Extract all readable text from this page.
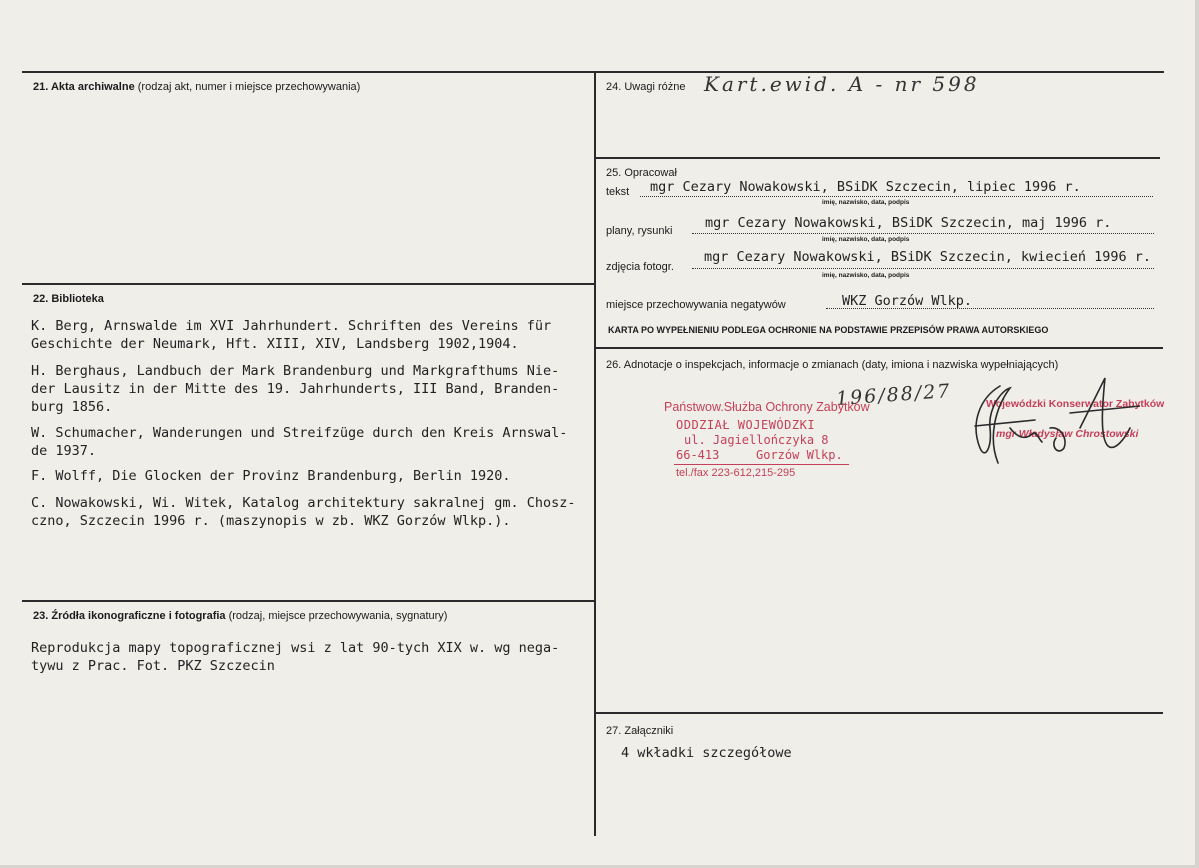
21. Akta archiwalne (rodzaj akt, numer i miejsce przechowywania)
22. Biblioteka
K. Berg, Arnswalde im XVI Jahrhundert. Schriften des Vereins für
Geschichte der Neumark, Hft. XIII, XIV, Landsberg 1902,1904.
H. Berghaus, Landbuch der Mark Brandenburg und Markgrafthums Nie-
der Lausitz in der Mitte des 19. Jahrhunderts, III Band, Branden-
burg 1856.
W. Schumacher, Wanderungen und Streifzüge durch den Kreis Arnswal-
de 1937.
F. Wolff, Die Glocken der Provinz Brandenburg, Berlin 1920.
C. Nowakowski, Wi. Witek, Katalog architektury sakralnej gm. Chosz-
czno, Szczecin 1996 r. (maszynopis w zb. WKZ Gorzów Wlkp.).
23. Źródła ikonograficzne i fotografia (rodzaj, miejsce przechowywania, sygnatury)
Reprodukcja mapy topograficznej wsi z lat 90-tych XIX w. wg nega-
tywu z Prac. Fot. PKZ Szczecin
24. Uwagi różne Kart.ewid. A - nr 598
25. Opracował
tekst mgr Cezary Nowakowski, BSiDK Szczecin, lipiec 1996 r.
imię, nazwisko, data, podpis
plany, rysunki mgr Cezary Nowakowski, BSiDK Szczecin, maj 1996 r.
imię, nazwisko, data, podpis
zdjęcia fotogr.
mgr Cezary Nowakowski, BSiDK Szczecin, kwiecień 1996 r.
imię, nazwisko, data, podpis
miejsce przechowywania negatywów	WKZ Gorzów Wlkp.
KARTA PO WYPEŁNIENIU PODLEGA OCHRONIE NA PODSTAWIE PRZEPISÓW PRAWA AUTORSKIEGO
26. Adnotacje o inspekcjach, informacje o zmianach (daty, imiona i nazwiska wypełniających)
196/88/27
Państwow.Służba Ochrony Zabytków
ODDZIAŁ WOJEWÓDZKI
ul. Jagiellończyka 8
66-413	Gorzów Wlkp.
tel./fax 223-612,215-295
Wojewódzki Konserwator Zabytków
mgr Władysław Chrostowski
27. Załączniki
4 wkładki szczegółowe
